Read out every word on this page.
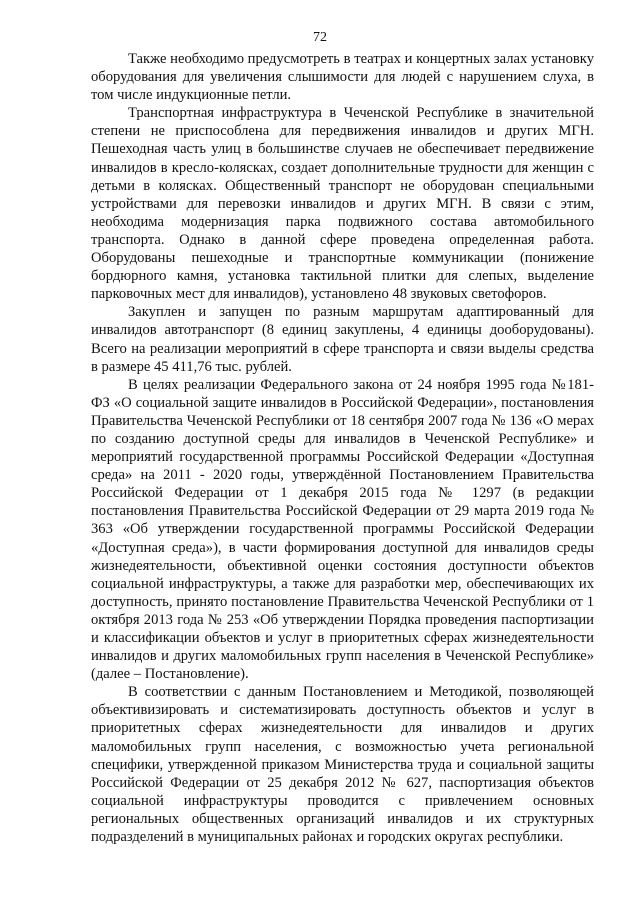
72

Также необходимо предусмотреть в театрах и концертных залах установку оборудования для увеличения слышимости для людей с нарушением слуха, в том числе индукционные петли.

Транспортная инфраструктура в Чеченской Республике в значительной степени не приспособлена для передвижения инвалидов и других МГН. Пешеходная часть улиц в большинстве случаев не обеспечивает передвижение инвалидов в кресло-колясках, создает дополнительные трудности для женщин с детьми в колясках. Общественный транспорт не оборудован специальными устройствами для перевозки инвалидов и других МГН. В связи с этим, необходима модернизация парка подвижного состава автомобильного транспорта. Однако в данной сфере проведена определенная работа. Оборудованы пешеходные и транспортные коммуникации (понижение бордюрного камня, установка тактильной плитки для слепых, выделение парковочных мест для инвалидов), установлено 48 звуковых светофоров.

Закуплен и запущен по разным маршрутам адаптированный для инвалидов автотранспорт (8 единиц закуплены, 4 единицы дооборудованы). Всего на реализации мероприятий в сфере транспорта и связи выделы средства в размере 45 411,76 тыс. рублей.

В целях реализации Федерального закона от 24 ноября 1995 года №181-ФЗ «О социальной защите инвалидов в Российской Федерации», постановления Правительства Чеченской Республики от 18 сентября 2007 года № 136 «О мерах по созданию доступной среды для инвалидов в Чеченской Республике» и мероприятий государственной программы Российской Федерации «Доступная среда» на 2011 - 2020 годы, утверждённой Постановлением Правительства Российской Федерации от 1 декабря 2015 года № 1297 (в редакции постановления Правительства Российской Федерации от 29 марта 2019 года № 363 «Об утверждении государственной программы Российской Федерации «Доступная среда»), в части формирования доступной для инвалидов среды жизнедеятельности, объективной оценки состояния доступности объектов социальной инфраструктуры, а также для разработки мер, обеспечивающих их доступность, принято постановление Правительства Чеченской Республики от 1 октября 2013 года № 253 «Об утверждении Порядка проведения паспортизации и классификации объектов и услуг в приоритетных сферах жизнедеятельности инвалидов и других маломобильных групп населения в Чеченской Республике» (далее – Постановление).

В соответствии с данным Постановлением и Методикой, позволяющей объективизировать и систематизировать доступность объектов и услуг в приоритетных сферах жизнедеятельности для инвалидов и других маломобильных групп населения, с возможностью учета региональной специфики, утвержденной приказом Министерства труда и социальной защиты Российской Федерации от 25 декабря 2012 № 627, паспортизация объектов социальной инфраструктуры проводится с привлечением основных региональных общественных организаций инвалидов и их структурных подразделений в муниципальных районах и городских округах республики.
